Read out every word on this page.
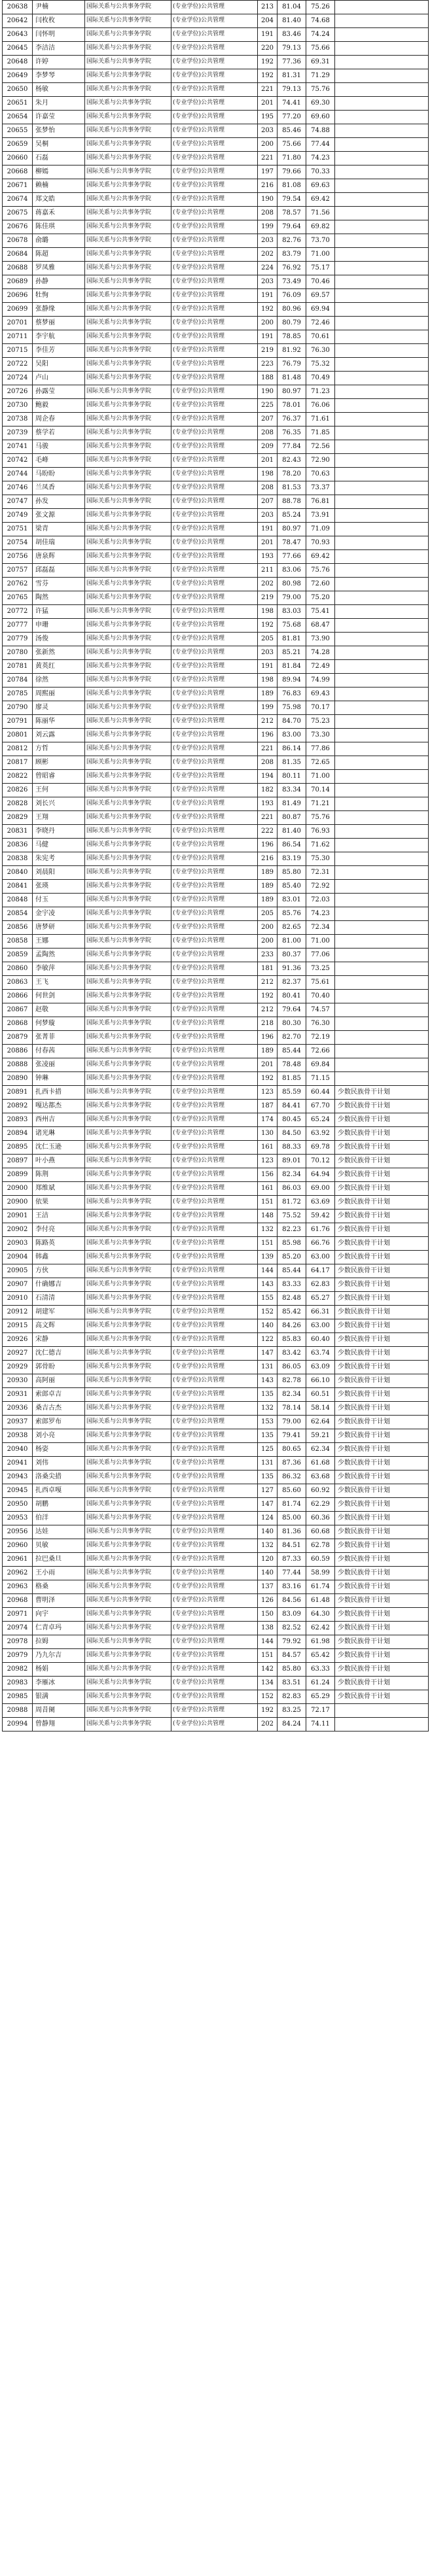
20638	尹楠	国际关系与公共事务学院	(专业学位)公共管理	213	81.04	75.26	
20642	闫枚枚	国际关系与公共事务学院	(专业学位)公共管理	204	81.40	74.68	
20643	闫怀明	国际关系与公共事务学院	(专业学位)公共管理	191	83.46	74.24	
20645	李洁洁	国际关系与公共事务学院	(专业学位)公共管理	220	79.13	75.66	
20648	许婷	国际关系与公共事务学院	(专业学位)公共管理	192	77.36	69.31	
20649	李梦琴	国际关系与公共事务学院	(专业学位)公共管理	192	81.31	71.29	
20650	杨敏	国际关系与公共事务学院	(专业学位)公共管理	221	79.13	75.76	
20651	朱月	国际关系与公共事务学院	(专业学位)公共管理	201	74.41	69.30	
20654	许嘉莹	国际关系与公共事务学院	(专业学位)公共管理	195	77.20	69.60	
20655	张梦怡	国际关系与公共事务学院	(专业学位)公共管理	203	85.46	74.88	
20659	吴桐	国际关系与公共事务学院	(专业学位)公共管理	200	75.66	77.44	
20660	石磊	国际关系与公共事务学院	(专业学位)公共管理	221	71.80	74.23	
20668	柳嫣	国际关系与公共事务学院	(专业学位)公共管理	197	79.66	70.33	
20671	赖楠	国际关系与公共事务学院	(专业学位)公共管理	216	81.08	69.63	
20674	郑文皓	国际关系与公共事务学院	(专业学位)公共管理	190	79.54	69.42	
20675	蒋嘉禾	国际关系与公共事务学院	(专业学位)公共管理	208	78.57	71.56	
20676	陈佳琪	国际关系与公共事务学院	(专业学位)公共管理	199	79.64	69.82	
20678	俞璐	国际关系与公共事务学院	(专业学位)公共管理	203	82.76	73.70	
20684	陈超	国际关系与公共事务学院	(专业学位)公共管理	202	83.79	71.00	
20688	罗凤雅	国际关系与公共事务学院	(专业学位)公共管理	224	76.92	75.17	
20689	孙静	国际关系与公共事务学院	(专业学位)公共管理	203	73.49	70.46	
20696	牡恂	国际关系与公共事务学院	(专业学位)公共管理	191	76.09	69.57	
20699	张静缘	国际关系与公共事务学院	(专业学位)公共管理	192	80.96	69.94	
20701	蔡梦丽	国际关系与公共事务学院	(专业学位)公共管理	200	80.79	72.46	
20711	李宇航	国际关系与公共事务学院	(专业学位)公共管理	191	78.85	70.61	
20715	李佳芳	国际关系与公共事务学院	(专业学位)公共管理	219	81.92	76.30	
20722	吴阳	国际关系与公共事务学院	(专业学位)公共管理	223	76.79	75.32	
20724	卢山	国际关系与公共事务学院	(专业学位)公共管理	188	81.48	70.49	
20726	孙露莹	国际关系与公共事务学院	(专业学位)公共管理	190	80.97	71.23	
20730	鲍毅	国际关系与公共事务学院	(专业学位)公共管理	225	78.01	76.06	
20738	周企春	国际关系与公共事务学院	(专业学位)公共管理	207	76.37	71.61	
20739	蔡学若	国际关系与公共事务学院	(专业学位)公共管理	208	76.35	71.85	
20741	马骏	国际关系与公共事务学院	(专业学位)公共管理	209	77.84	72.56	
20742	毛峰	国际关系与公共事务学院	(专业学位)公共管理	201	82.43	72.90	
20744	马盼盼	国际关系与公共事务学院	(专业学位)公共管理	198	78.20	70.63	
20746	兰凤香	国际关系与公共事务学院	(专业学位)公共管理	208	81.53	73.37	
20747	孙发	国际关系与公共事务学院	(专业学位)公共管理	207	88.78	76.81	
20749	张文源	国际关系与公共事务学院	(专业学位)公共管理	203	85.24	73.91	
20751	梁青	国际关系与公共事务学院	(专业学位)公共管理	191	80.97	71.09	
20754	胡佳瑞	国际关系与公共事务学院	(专业学位)公共管理	201	78.47	70.93	
20756	唐泉辉	国际关系与公共事务学院	(专业学位)公共管理	193	77.66	69.42	
20757	邱磊磊	国际关系与公共事务学院	(专业学位)公共管理	211	83.06	75.76	
20762	雪芬	国际关系与公共事务学院	(专业学位)公共管理	202	80.98	72.60	
20765	陶然	国际关系与公共事务学院	(专业学位)公共管理	219	79.00	75.20	
20772	许猛	国际关系与公共事务学院	(专业学位)公共管理	198	83.03	75.41	
20777	申珊	国际关系与公共事务学院	(专业学位)公共管理	192	75.68	68.47	
20779	汤俊	国际关系与公共事务学院	(专业学位)公共管理	205	81.81	73.90	
20780	张新然	国际关系与公共事务学院	(专业学位)公共管理	203	85.21	74.28	
20781	黄英红	国际关系与公共事务学院	(专业学位)公共管理	191	81.84	72.49	
20784	徐然	国际关系与公共事务学院	(专业学位)公共管理	198	89.94	74.99	
20785	周熙丽	国际关系与公共事务学院	(专业学位)公共管理	189	76.83	69.43	
20790	廖灵	国际关系与公共事务学院	(专业学位)公共管理	199	75.98	70.17	
20791	陈丽华	国际关系与公共事务学院	(专业学位)公共管理	212	84.70	75.23	
20801	刘云露	国际关系与公共事务学院	(专业学位)公共管理	196	83.00	73.30	
20812	方哲	国际关系与公共事务学院	(专业学位)公共管理	221	86.14	77.86	
20817	顾彬	国际关系与公共事务学院	(专业学位)公共管理	208	81.35	72.65	
20822	曾昭睿	国际关系与公共事务学院	(专业学位)公共管理	194	80.11	71.00	
20826	王何	国际关系与公共事务学院	(专业学位)公共管理	182	83.34	70.14	
20828	刘长兴	国际关系与公共事务学院	(专业学位)公共管理	193	81.49	71.21	
20829	王翔	国际关系与公共事务学院	(专业学位)公共管理	221	80.87	75.76	
20831	李晓丹	国际关系与公共事务学院	(专业学位)公共管理	222	81.40	76.93	
20836	马健	国际关系与公共事务学院	(专业学位)公共管理	196	86.54	71.62	
20838	朱宪考	国际关系与公共事务学院	(专业学位)公共管理	216	83.19	75.30	
20840	刘晨阳	国际关系与公共事务学院	(专业学位)公共管理	189	85.80	72.31	
20841	张瑛	国际关系与公共事务学院	(专业学位)公共管理	189	85.40	72.92	
20848	付玉	国际关系与公共事务学院	(专业学位)公共管理	189	83.01	72.03	
20854	金宇凌	国际关系与公共事务学院	(专业学位)公共管理	205	85.76	74.23	
20856	唐梦研	国际关系与公共事务学院	(专业学位)公共管理	200	82.65	72.34	
20858	王娜	国际关系与公共事务学院	(专业学位)公共管理	200	81.00	71.00	
20859	孟陶然	国际关系与公共事务学院	(专业学位)公共管理	233	80.37	77.06	
20860	李敏萍	国际关系与公共事务学院	(专业学位)公共管理	181	91.36	73.25	
20863	王飞	国际关系与公共事务学院	(专业学位)公共管理	212	82.37	75.61	
20866	何世剑	国际关系与公共事务学院	(专业学位)公共管理	192	80.41	70.40	
20867	赵敬	国际关系与公共事务学院	(专业学位)公共管理	212	79.64	74.57	
20868	何梦璇	国际关系与公共事务学院	(专业学位)公共管理	218	80.30	76.30	
20879	张菁菲	国际关系与公共事务学院	(专业学位)公共管理	196	82.70	72.19	
20886	付春茜	国际关系与公共事务学院	(专业学位)公共管理	189	85.44	72.66	
20888	张凌丽	国际关系与公共事务学院	(专业学位)公共管理	201	78.48	69.84	
20890	钟琳	国际关系与公共事务学院	(专业学位)公共管理	192	81.85	71.15	
20891	扎西卡措	国际关系与公共事务学院	(专业学位)公共管理	123	85.59	60.44	少数民族骨干计划
20892	嘎达都杰	国际关系与公共事务学院	(专业学位)公共管理	187	84.41	67.70	少数民族骨干计划
20893	西州吉	国际关系与公共事务学院	(专业学位)公共管理	174	80.45	65.24	少数民族骨干计划
20894	诸光琳	国际关系与公共事务学院	(专业学位)公共管理	130	84.50	63.92	少数民族骨干计划
20895	沈仁玉逊	国际关系与公共事务学院	(专业学位)公共管理	161	88.33	69.78	少数民族骨干计划
20897	叶小燕	国际关系与公共事务学院	(专业学位)公共管理	123	89.01	70.12	少数民族骨干计划
20899	陈荆	国际关系与公共事务学院	(专业学位)公共管理	156	82.34	64.94	少数民族骨干计划
20900	郑维斌	国际关系与公共事务学院	(专业学位)公共管理	161	86.03	69.00	少数民族骨干计划
20900	依果	国际关系与公共事务学院	(专业学位)公共管理	151	81.72	63.69	少数民族骨干计划
20901	王洁	国际关系与公共事务学院	(专业学位)公共管理	148	75.52	59.42	少数民族骨干计划
20902	李付亮	国际关系与公共事务学院	(专业学位)公共管理	132	82.23	61.76	少数民族骨干计划
20903	陈路英	国际关系与公共事务学院	(专业学位)公共管理	151	85.98	66.76	少数民族骨干计划
20904	韩鑫	国际关系与公共事务学院	(专业学位)公共管理	139	85.20	63.00	少数民族骨干计划
20905	方伙	国际关系与公共事务学院	(专业学位)公共管理	144	85.44	64.17	少数民族骨干计划
20907	什确娜吉	国际关系与公共事务学院	(专业学位)公共管理	143	83.33	62.83	少数民族骨干计划
20910	石清清	国际关系与公共事务学院	(专业学位)公共管理	155	82.48	65.27	少数民族骨干计划
20912	胡建军	国际关系与公共事务学院	(专业学位)公共管理	152	85.42	66.31	少数民族骨干计划
20915	高文辉	国际关系与公共事务学院	(专业学位)公共管理	140	84.26	63.00	少数民族骨干计划
20926	宋静	国际关系与公共事务学院	(专业学位)公共管理	122	85.83	60.40	少数民族骨干计划
20927	沈仁德吉	国际关系与公共事务学院	(专业学位)公共管理	147	83.42	63.74	少数民族骨干计划
20929	郭骨盼	国际关系与公共事务学院	(专业学位)公共管理	131	86.05	63.09	少数民族骨干计划
20930	高阿丽	国际关系与公共事务学院	(专业学位)公共管理	143	82.78	66.10	少数民族骨干计划
20931	索郎卓吉	国际关系与公共事务学院	(专业学位)公共管理	135	82.34	60.51	少数民族骨干计划
20936	桑吉古杰	国际关系与公共事务学院	(专业学位)公共管理	132	78.14	58.14	少数民族骨干计划
20937	索郎罗布	国际关系与公共事务学院	(专业学位)公共管理	153	79.00	62.64	少数民族骨干计划
20938	刘小亮	国际关系与公共事务学院	(专业学位)公共管理	135	79.41	59.21	少数民族骨干计划
20940	杨姿	国际关系与公共事务学院	(专业学位)公共管理	125	80.65	62.34	少数民族骨干计划
20941	刘伟	国际关系与公共事务学院	(专业学位)公共管理	131	87.36	61.68	少数民族骨干计划
20943	洛桑尖措	国际关系与公共事务学院	(专业学位)公共管理	135	86.32	63.68	少数民族骨干计划
20945	扎西卓嘎	国际关系与公共事务学院	(专业学位)公共管理	127	85.60	60.92	少数民族骨干计划
20950	胡鹏	国际关系与公共事务学院	(专业学位)公共管理	147	81.74	62.29	少数民族骨干计划
20953	伯洋	国际关系与公共事务学院	(专业学位)公共管理	124	85.00	60.36	少数民族骨干计划
20956	达娃	国际关系与公共事务学院	(专业学位)公共管理	140	81.36	60.68	少数民族骨干计划
20960	贝敏	国际关系与公共事务学院	(专业学位)公共管理	132	84.51	62.78	少数民族骨干计划
20961	拉巴桑旦	国际关系与公共事务学院	(专业学位)公共管理	120	87.33	60.59	少数民族骨干计划
20962	王小雨	国际关系与公共事务学院	(专业学位)公共管理	140	77.44	58.99	少数民族骨干计划
20963	格桑	国际关系与公共事务学院	(专业学位)公共管理	137	83.16	61.74	少数民族骨干计划
20968	曹明泽	国际关系与公共事务学院	(专业学位)公共管理	126	84.56	61.48	少数民族骨干计划
20971	向宇	国际关系与公共事务学院	(专业学位)公共管理	150	83.09	64.30	少数民族骨干计划
20974	仁青卓玛	国际关系与公共事务学院	(专业学位)公共管理	138	82.52	62.42	少数民族骨干计划
20978	拉姆	国际关系与公共事务学院	(专业学位)公共管理	144	79.92	61.98	少数民族骨干计划
20979	乃九尔吉	国际关系与公共事务学院	(专业学位)公共管理	151	84.57	65.42	少数民族骨干计划
20982	杨娟	国际关系与公共事务学院	(专业学位)公共管理	142	85.80	63.33	少数民族骨干计划
20983	李雁冰	国际关系与公共事务学院	(专业学位)公共管理	134	83.51	61.24	少数民族骨干计划
20985	银满	国际关系与公共事务学院	(专业学位)公共管理	152	82.83	65.29	少数民族骨干计划
20988	周昔阑	国际关系与公共事务学院	(专业学位)公共管理	192	83.25	72.17	
20994	曾静翔	国际关系与公共事务学院	(专业学位)公共管理	202	84.24	74.11	
